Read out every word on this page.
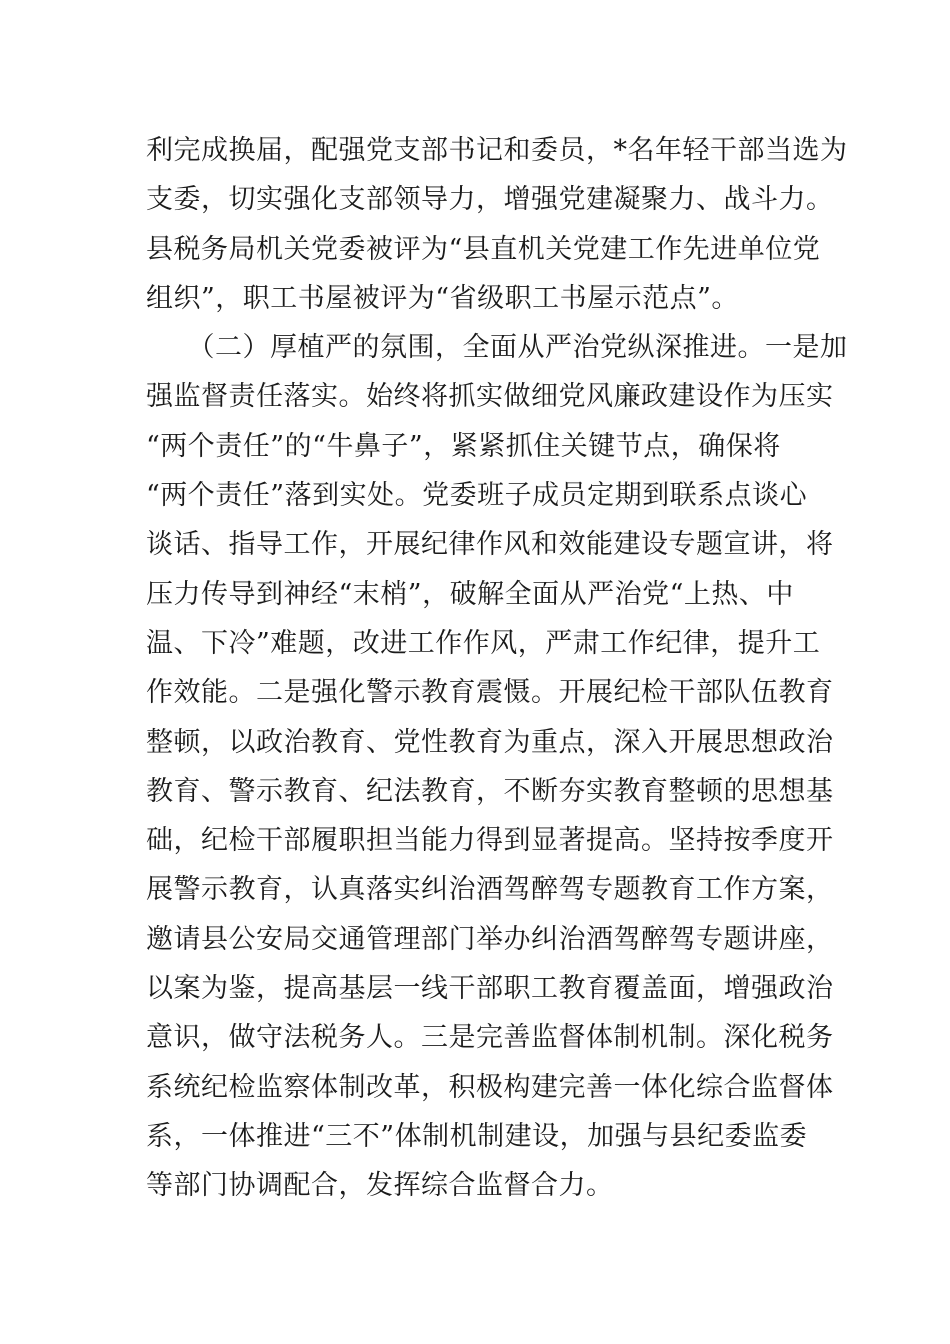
利完成换届，配强党支部书记和委员，*名年轻干部当选为
支委，切实强化支部领导力，增强党建凝聚力、战斗力。
县税务局机关党委被评为“县直机关党建工作先进单位党
组织”，职工书屋被评为“省级职工书屋示范点”。
　　（二）厚植严的氛围，全面从严治党纵深推进。一是加
强监督责任落实。始终将抓实做细党风廉政建设作为压实
“两个责任”的“牛鼻子”，紧紧抓住关键节点，确保将
“两个责任”落到实处。党委班子成员定期到联系点谈心
谈话、指导工作，开展纪律作风和效能建设专题宣讲，将
压力传导到神经“末梢”，破解全面从严治党“上热、中
温、下冷”难题，改进工作作风，严肃工作纪律，提升工
作效能。二是强化警示教育震慑。开展纪检干部队伍教育
整顿，以政治教育、党性教育为重点，深入开展思想政治
教育、警示教育、纪法教育，不断夯实教育整顿的思想基
础，纪检干部履职担当能力得到显著提高。坚持按季度开
展警示教育，认真落实纠治酒驾醉驾专题教育工作方案，
邀请县公安局交通管理部门举办纠治酒驾醉驾专题讲座，
以案为鉴，提高基层一线干部职工教育覆盖面，增强政治
意识，做守法税务人。三是完善监督体制机制。深化税务
系统纪检监察体制改革，积极构建完善一体化综合监督体
系，一体推进“三不”体制机制建设，加强与县纪委监委
等部门协调配合，发挥综合监督合力。
